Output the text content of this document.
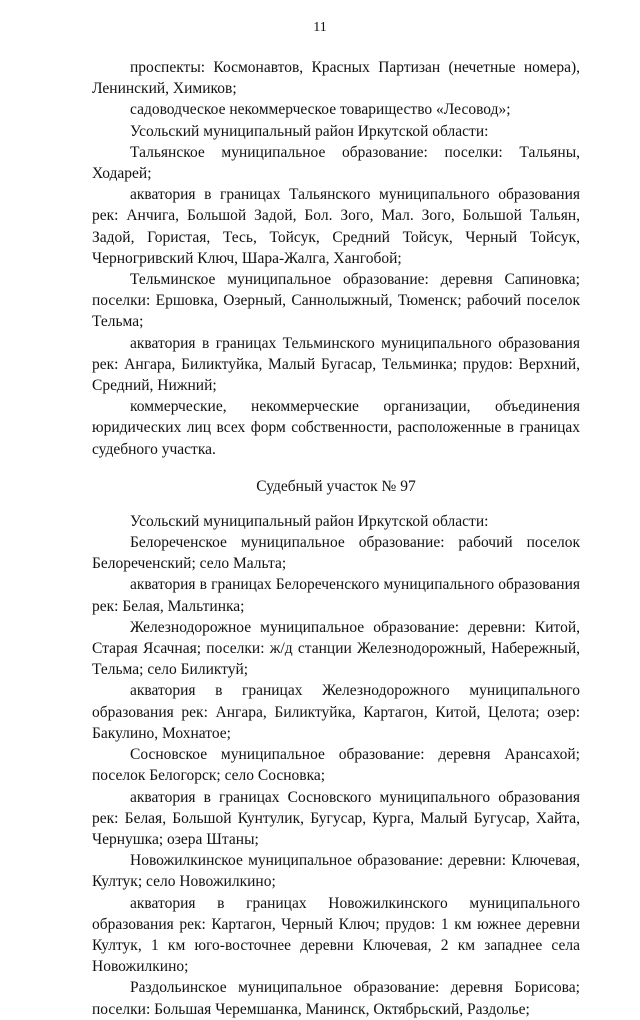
11

проспекты: Космонавтов, Красных Партизан (нечетные номера), Ленинский, Химиков;

садоводческое некоммерческое товарищество «Лесовод»;

Усольский муниципальный район Иркутской области:

Тальянское муниципальное образование: поселки: Тальяны, Ходарей;

акватория в границах Тальянского муниципального образования рек: Анчига, Большой Задой, Бол. Зого, Мал. Зого, Большой Тальян, Задой, Гористая, Тесь, Тойсук, Средний Тойсук, Черный Тойсук, Черногривский Ключ, Шара-Жалга, Хангобой;

Тельминское муниципальное образование: деревня Сапиновка; поселки: Ершовка, Озерный, Саннолыжный, Тюменск; рабочий поселок Тельма;

акватория в границах Тельминского муниципального образования рек: Ангара, Биликтуйка, Малый Бугасар, Тельминка; прудов: Верхний, Средний, Нижний;

коммерческие, некоммерческие организации, объединения юридических лиц всех форм собственности, расположенные в границах судебного участка.

Судебный участок № 97

Усольский муниципальный район Иркутской области:

Белореченское муниципальное образование: рабочий поселок Белореченский; село Мальта;

акватория в границах Белореченского муниципального образования рек: Белая, Мальтинка;

Железнодорожное муниципальное образование: деревни: Китой, Старая Ясачная; поселки: ж/д станции Железнодорожный, Набережный, Тельма; село Биликтуй;

акватория в границах Железнодорожного муниципального образования рек: Ангара, Биликтуйка, Картагон, Китой, Целота; озер: Бакулино, Мохнатое;

Сосновское муниципальное образование: деревня Арансахой; поселок Белогорск; село Сосновка;

акватория в границах Сосновского муниципального образования рек: Белая, Большой Кунтулик, Бугусар, Курга, Малый Бугусар, Хайта, Чернушка; озера Штаны;

Новожилкинское муниципальное образование: деревни: Ключевая, Култук; село Новожилкино;

акватория в границах Новожилкинского муниципального образования рек: Картагон, Черный Ключ; прудов: 1 км южнее деревни Култук, 1 км юго-восточнее деревни Ключевая, 2 км западнее села Новожилкино;

Раздольинское муниципальное образование: деревня Борисова; поселки: Большая Черемшанка, Манинск, Октябрьский, Раздолье;
